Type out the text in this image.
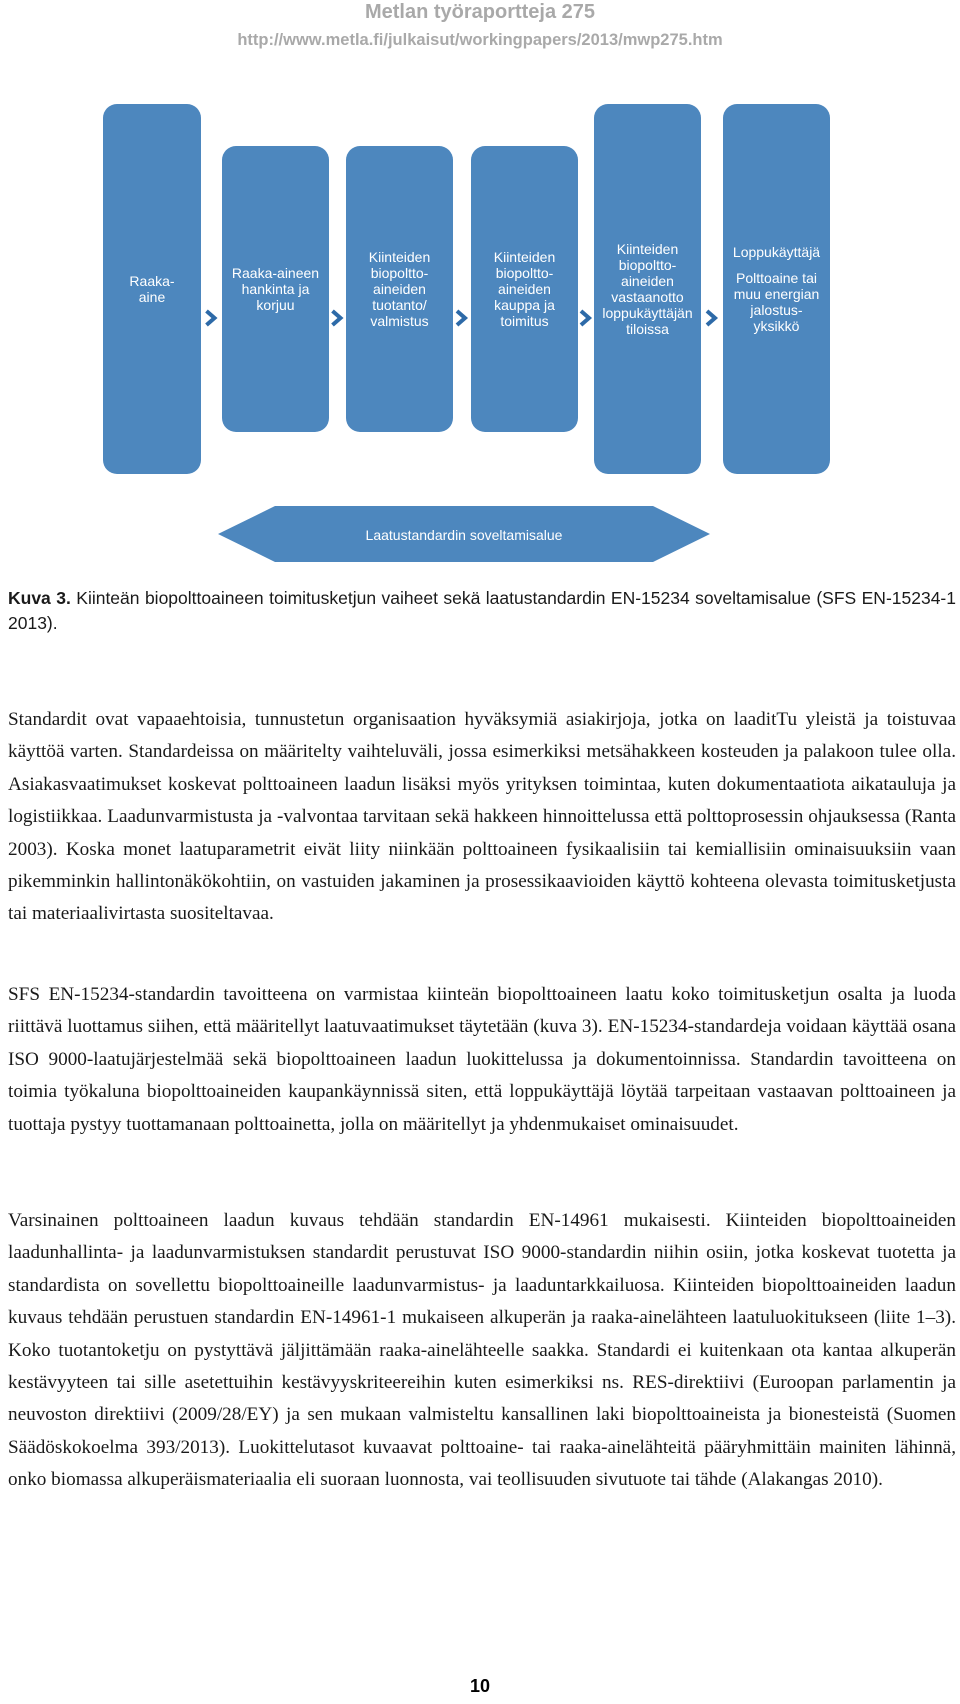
Metlan työraportteja 275
http://www.metla.fi/julkaisut/workingpapers/2013/mwp275.htm
Raaka-
aine
Raaka-aineen
hankinta ja
korjuu
Kiinteiden
biopoltto-
aineiden
tuotanto/
valmistus
Kiinteiden
biopoltto-
aineiden
kauppa ja
toimitus
Kiinteiden
biopoltto-
aineiden
vastaanotto
loppukäyttäjän
tiloissa
Loppukäyttäjä
Polttoaine tai
muu energian
jalostus-
yksikkö
Laatustandardin soveltamisalue
Kuva 3. Kiinteän biopolttoaineen toimitusketjun vaiheet sekä laatustandardin EN-15234 soveltamisalue (SFS EN-15234-1 2013).
Standardit ovat vapaaehtoisia, tunnustetun organisaation hyväksymiä asiakirjoja, jotka on laaditTu yleistä ja toistuvaa käyttöä varten. Standardeissa on määritelty vaihteluväli, jossa esimerkiksi metsähakkeen kosteuden ja palakoon tulee olla. Asiakasvaatimukset koskevat polttoaineen laadun lisäksi myös yrityksen toimintaa, kuten dokumentaatiota aikatauluja ja logistiikkaa. Laadunvarmistusta ja -valvontaa tarvitaan sekä hakkeen hinnoittelussa että polttoprosessin ohjauksessa (Ranta 2003). Koska monet laatuparametrit eivät liity niinkään polttoaineen fysikaalisiin tai kemiallisiin ominaisuuksiin vaan pikemminkin hallintonäkökohtiin, on vastuiden jakaminen ja prosessikaavioiden käyttö kohteena olevasta toimitusketjusta tai materiaalivirtasta suositeltavaa.
SFS EN-15234-standardin tavoitteena on varmistaa kiinteän biopolttoaineen laatu koko toimitusketjun osalta ja luoda riittävä luottamus siihen, että määritellyt laatuvaatimukset täytetään (kuva 3). EN-15234-standardeja voidaan käyttää osana ISO 9000-laatujärjestelmää sekä biopolttoaineen laadun luokittelussa ja dokumentoinnissa. Standardin tavoitteena on toimia työkaluna biopolttoaineiden kaupankäynnissä siten, että loppukäyttäjä löytää tarpeitaan vastaavan polttoaineen ja tuottaja pystyy tuottamanaan polttoainetta, jolla on määritellyt ja yhdenmukaiset ominaisuudet.
Varsinainen polttoaineen laadun kuvaus tehdään standardin EN-14961 mukaisesti. Kiinteiden biopolttoaineiden laadunhallinta- ja laadunvarmistuksen standardit perustuvat ISO 9000-standardin niihin osiin, jotka koskevat tuotetta ja standardista on sovellettu biopolttoaineille laadunvarmistus- ja laaduntarkkailuosa. Kiinteiden biopolttoaineiden laadun kuvaus tehdään perustuen standardin EN-14961-1 mukaiseen alkuperän ja raaka-ainelähteen laatuluokitukseen (liite 1–3). Koko tuotantoketju on pystyttävä jäljittämään raaka-ainelähteelle saakka. Standardi ei kuitenkaan ota kantaa alkuperän kestävyyteen tai sille asetettuihin kestävyyskriteereihin kuten esimerkiksi ns. RES-direktiivi (Euroopan parlamentin ja neuvoston direktiivi (2009/28/EY) ja sen mukaan valmisteltu kansallinen laki biopolttoaineista ja bionesteistä (Suomen Säädöskokoelma 393/2013). Luokittelutasot kuvaavat polttoaine- tai raaka-ainelähteitä pääryhmittäin mainiten lähinnä, onko biomassa alkuperäismateriaalia eli suoraan luonnosta, vai teollisuuden sivutuote tai tähde (Alakangas 2010).
10
